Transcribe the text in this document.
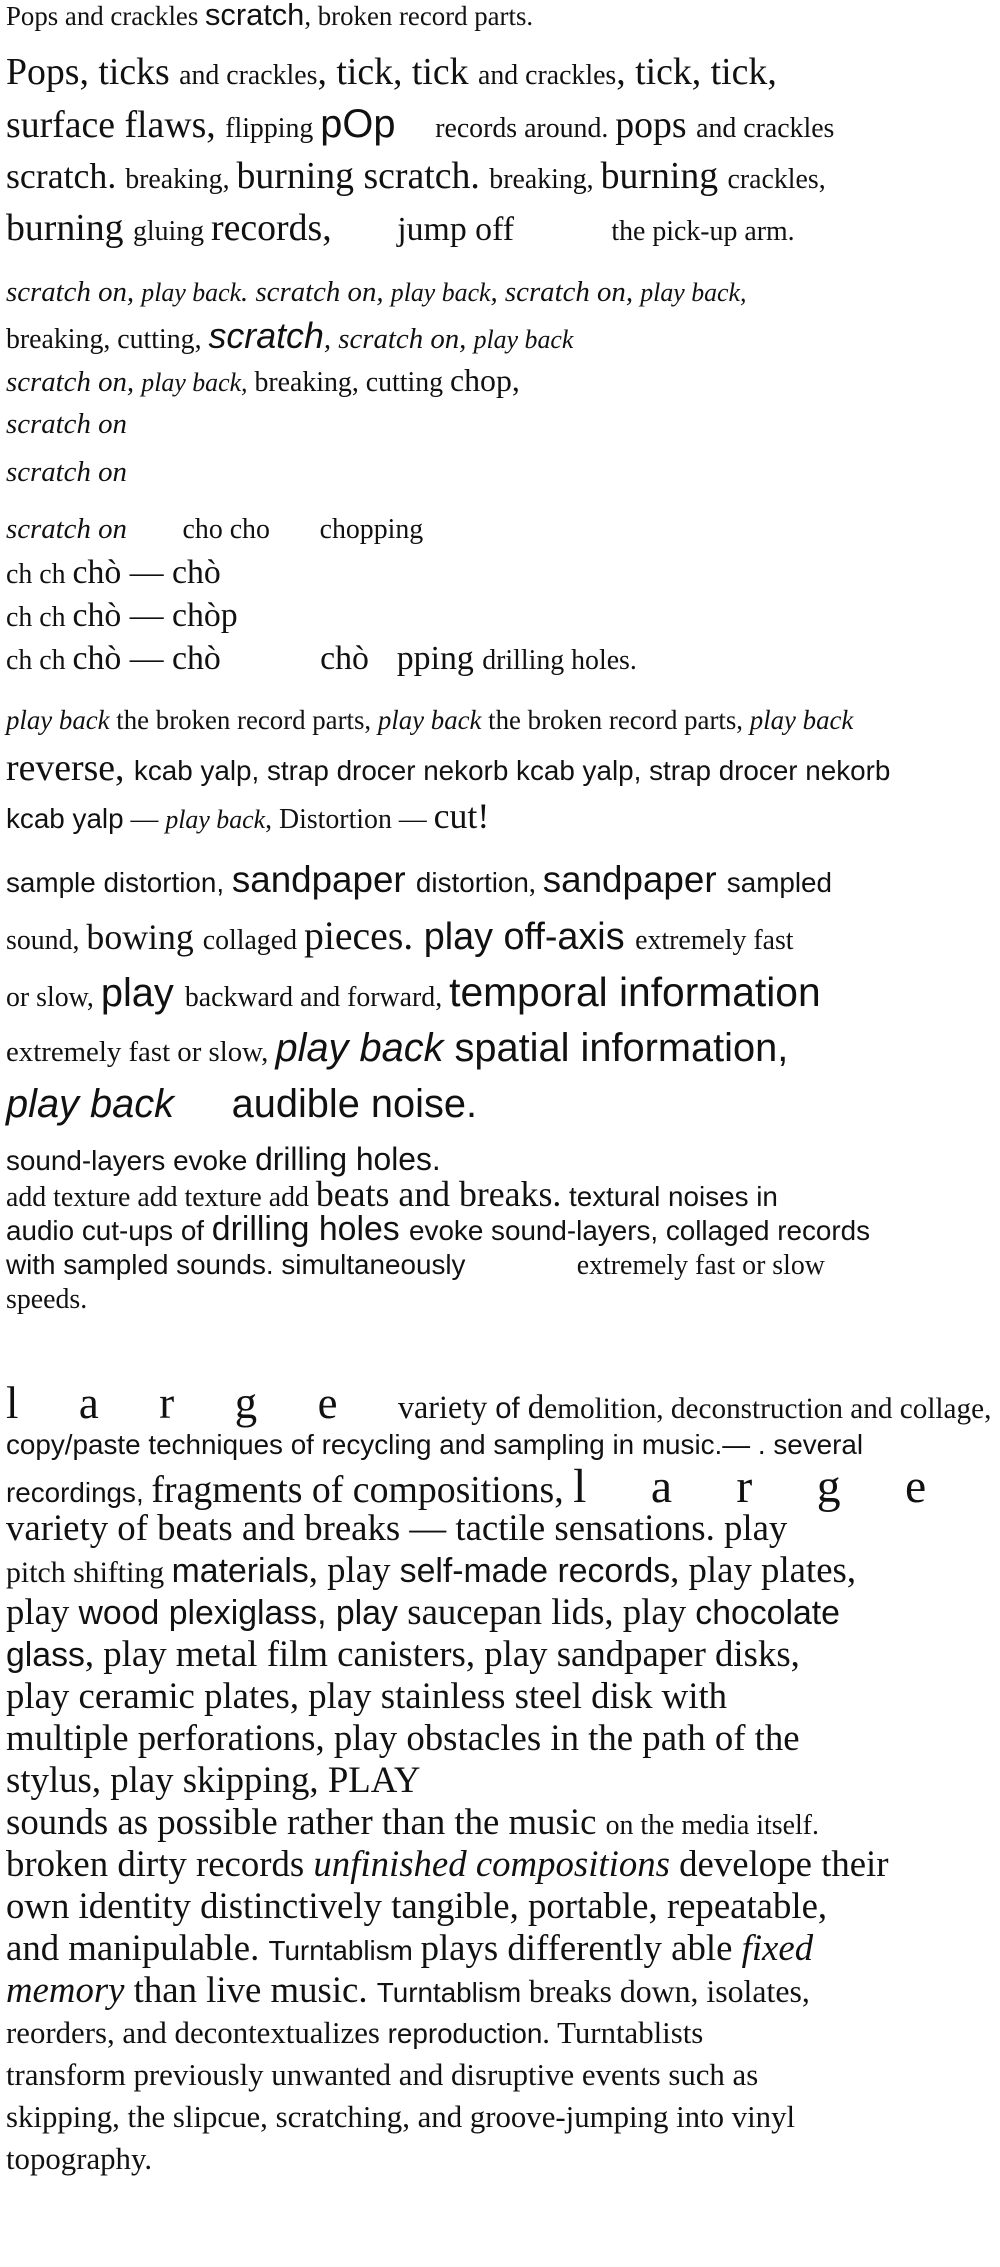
Pops and crackles scratch, broken record parts.
Pops, ticks and crackles, tick, tick and crackles, tick, tick,
surface flaws, flipping pOp records around. pops and crackles
scratch. breaking, burning scratch. breaking, burning crackles,
burning gluing records, jump off	the pick-up arm.
scratch on, play back. scratch on, play back, scratch on, play back,
breaking, cutting, scratch, scratch on, play back
scratch on, play back, breaking, cutting chop,
scratch on
scratch on
scratch on cho cho chopping
ch ch chò — chò
ch ch chò — chòp
ch ch chò — chò	chò pping drilling holes.
play back the broken record parts, play back the broken record parts, play back
reverse, kcab yalp, strap drocer nekorb kcab yalp, strap drocer nekorb
kcab yalp — play back, Distortion — cut!
sample distortion, sandpaper distortion, sandpaper sampled
sound, bowing collaged pieces. play off-axis extremely fast
or slow, play backward and forward, temporal information
extremely fast or slow, play back spatial information,
play back audible noise.
sound-layers evoke drilling holes.
add texture add texture add beats and breaks. textural noises in
audio cut-ups of drilling holes evoke sound-layers, collaged records
with sampled sounds. simultaneously	extremely fast or slow
speeds.
l a r g e variety of demolition, deconstruction and collage,
copy/paste techniques of recycling and sampling in music.— . several
recordings, fragments of compositions, l a r g e
variety of beats and breaks — tactile sensations. play
pitch shifting materials, play self-made records, play plates,
play wood plexiglass, play saucepan lids, play chocolate
glass, play metal film canisters, play sandpaper disks,
play ceramic plates, play stainless steel disk with
multiple perforations, play obstacles in the path of the
stylus, play skipping, PLAY
sounds as possible rather than the music on the media itself.
broken dirty records unfinished compositions develope their
own identity distinctively tangible, portable, repeatable,
and manipulable. Turntablism plays differently able fixed
memory than live music. Turntablism breaks down, isolates,
reorders, and decontextualizes reproduction. Turntablists
transform previously unwanted and disruptive events such as
skipping, the slipcue, scratching, and groove-jumping into vinyl
topography.
